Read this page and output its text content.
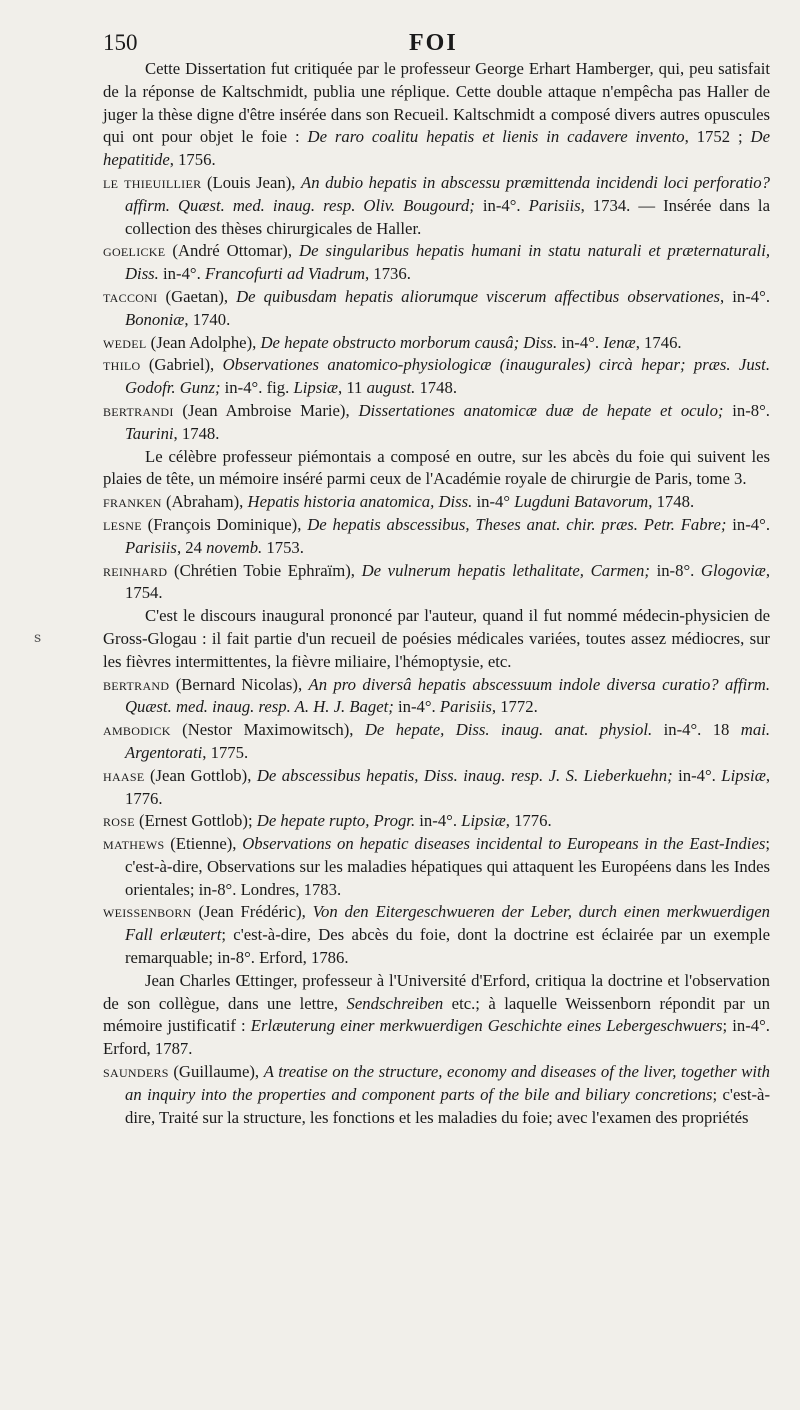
150	FOI
s

Cette Dissertation fut critiquée par le professeur George Erhart Hamberger, qui, peu satisfait de la réponse de Kaltschmidt, publia une réplique. Cette double attaque n'empêcha pas Haller de juger la thèse digne d'être insérée dans son Recueil. Kaltschmidt a composé divers autres opuscules qui ont pour objet le foie : De raro coalitu hepatis et lienis in cadavere invento, 1752 ; De hepatitide, 1756.

le thieuillier (Louis Jean), An dubio hepatis in abscessu præmittenda incidendi loci perforatio? affirm. Quæst. med. inaug. resp. Oliv. Bougourd; in-4°. Parisiis, 1734. — Insérée dans la collection des thèses chirurgicales de Haller.

goelicke (André Ottomar), De singularibus hepatis humani in statu naturali et præternaturali, Diss. in-4°. Francofurti ad Viadrum, 1736.

tacconi (Gaetan), De quibusdam hepatis aliorumque viscerum affectibus observationes, in-4°. Bononiæ, 1740.

wedel (Jean Adolphe), De hepate obstructo morborum causâ; Diss. in-4°. Ienæ, 1746.

thilo (Gabriel), Observationes anatomico-physiologicæ (inaugurales) circà hepar; præs. Just. Godofr. Gunz; in-4°. fig. Lipsiæ, 11 august. 1748.

bertrandi (Jean Ambroise Marie), Dissertationes anatomicæ duæ de hepate et oculo; in-8°. Taurini, 1748.

Le célèbre professeur piémontais a composé en outre, sur les abcès du foie qui suivent les plaies de tête, un mémoire inséré parmi ceux de l'Académie royale de chirurgie de Paris, tome 3.

franken (Abraham), Hepatis historia anatomica, Diss. in-4° Lugduni Batavorum, 1748.

lesne (François Dominique), De hepatis abscessibus, Theses anat. chir. præs. Petr. Fabre; in-4°. Parisiis, 24 novemb. 1753.

reinhard (Chrétien Tobie Ephraïm), De vulnerum hepatis lethalitate, Carmen; in-8°. Glogoviæ, 1754.

C'est le discours inaugural prononcé par l'auteur, quand il fut nommé médecin-physicien de Gross-Glogau : il fait partie d'un recueil de poésies médicales variées, toutes assez médiocres, sur les fièvres intermittentes, la fièvre miliaire, l'hémoptysie, etc.

bertrand (Bernard Nicolas), An pro diversâ hepatis abscessuum indole diversa curatio? affirm. Quæst. med. inaug. resp. A. H. J. Baget; in-4°. Parisiis, 1772.

ambodick (Nestor Maximowitsch), De hepate, Diss. inaug. anat. physiol. in-4°. 18 mai. Argentorati, 1775.

haase (Jean Gottlob), De abscessibus hepatis, Diss. inaug. resp. J. S. Lieberkuehn; in-4°. Lipsiæ, 1776.

rose (Ernest Gottlob); De hepate rupto, Progr. in-4°. Lipsiæ, 1776.

mathews (Etienne), Observations on hepatic diseases incidental to Europeans in the East-Indies; c'est-à-dire, Observations sur les maladies hépatiques qui attaquent les Européens dans les Indes orientales; in-8°. Londres, 1783.

weissenborn (Jean Frédéric), Von den Eitergeschwueren der Leber, durch einen merkwuerdigen Fall erlæutert; c'est-à-dire, Des abcès du foie, dont la doctrine est éclairée par un exemple remarquable; in-8°. Erford, 1786.

Jean Charles Œttinger, professeur à l'Université d'Erford, critiqua la doctrine et l'observation de son collègue, dans une lettre, Sendschreiben etc.; à laquelle Weissenborn répondit par un mémoire justificatif : Erlæuterung einer merkwuerdigen Geschichte eines Lebergeschwuers; in-4°. Erford, 1787.

saunders (Guillaume), A treatise on the structure, economy and diseases of the liver, together with an inquiry into the properties and component parts of the bile and biliary concretions; c'est-à-dire, Traité sur la structure, les fonctions et les maladies du foie; avec l'examen des propriétés
